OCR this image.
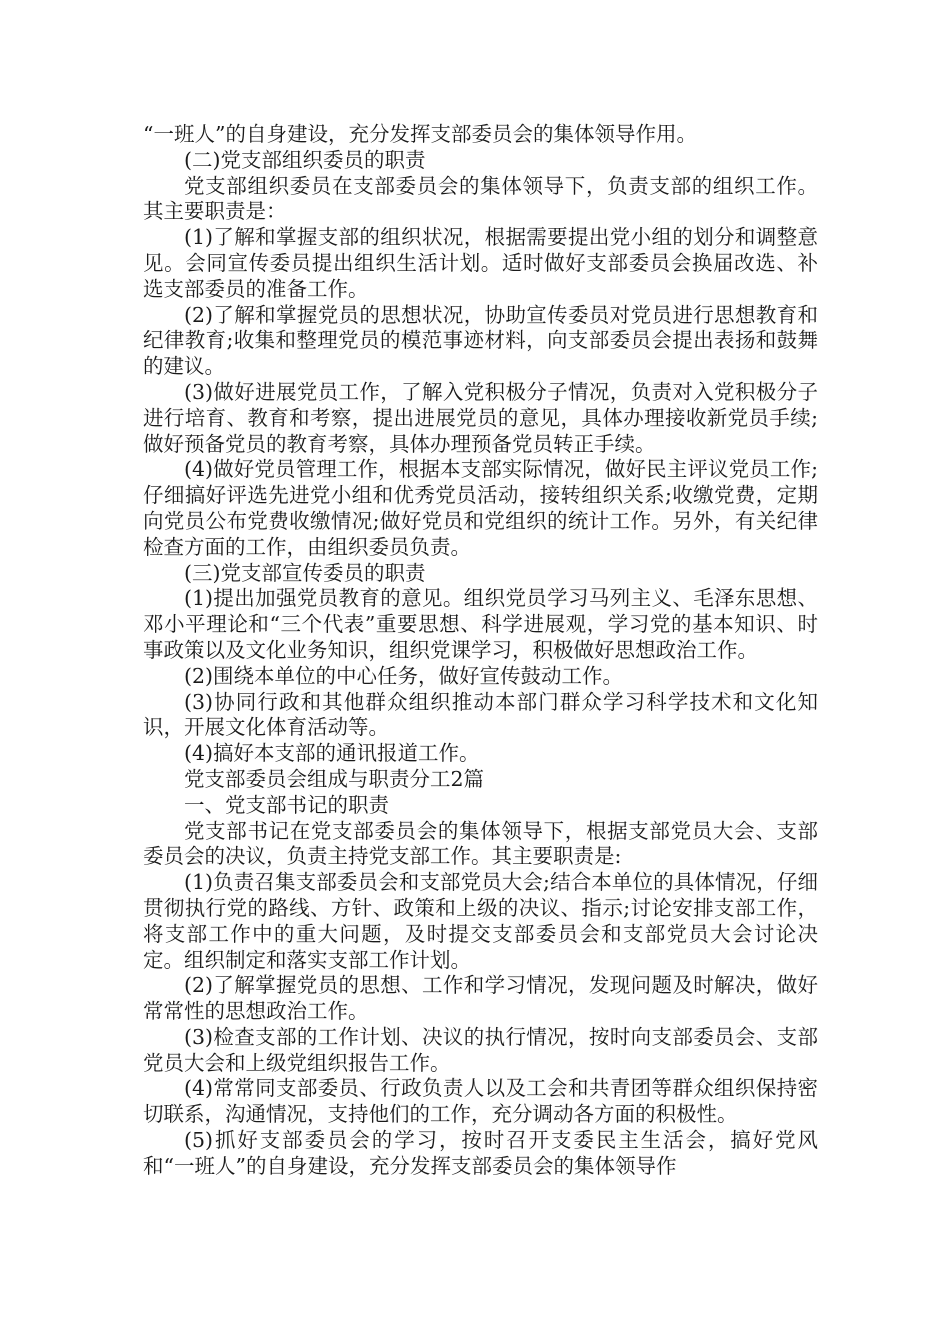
“一班人”的自身建设，充分发挥支部委员会的集体领导作用。

(二)党支部组织委员的职责

党支部组织委员在支部委员会的集体领导下，负责支部的组织工作。其主要职责是：

(1)了解和掌握支部的组织状况，根据需要提出党小组的划分和调整意见。会同宣传委员提出组织生活计划。适时做好支部委员会换届改选、补选支部委员的准备工作。

(2)了解和掌握党员的思想状况，协助宣传委员对党员进行思想教育和纪律教育;收集和整理党员的模范事迹材料，向支部委员会提出表扬和鼓舞的建议。

(3)做好进展党员工作，了解入党积极分子情况，负责对入党积极分子进行培育、教育和考察，提出进展党员的意见，具体办理接收新党员手续;做好预备党员的教育考察，具体办理预备党员转正手续。

(4)做好党员管理工作，根据本支部实际情况，做好民主评议党员工作;仔细搞好评选先进党小组和优秀党员活动，接转组织关系;收缴党费，定期向党员公布党费收缴情况;做好党员和党组织的统计工作。另外，有关纪律检查方面的工作，由组织委员负责。

(三)党支部宣传委员的职责

(1)提出加强党员教育的意见。组织党员学习马列主义、毛泽东思想、邓小平理论和“三个代表”重要思想、科学进展观，学习党的基本知识、时事政策以及文化业务知识，组织党课学习，积极做好思想政治工作。

(2)围绕本单位的中心任务，做好宣传鼓动工作。

(3)协同行政和其他群众组织推动本部门群众学习科学技术和文化知识，开展文化体育活动等。

(4)搞好本支部的通讯报道工作。

党支部委员会组成与职责分工2篇

一、党支部书记的职责

党支部书记在党支部委员会的集体领导下，根据支部党员大会、支部委员会的决议，负责主持党支部工作。其主要职责是:

(1)负责召集支部委员会和支部党员大会;结合本单位的具体情况，仔细贯彻执行党的路线、方针、政策和上级的决议、指示;讨论安排支部工作，将支部工作中的重大问题，及时提交支部委员会和支部党员大会讨论决定。组织制定和落实支部工作计划。

(2)了解掌握党员的思想、工作和学习情况，发现问题及时解决，做好常常性的思想政治工作。

(3)检查支部的工作计划、决议的执行情况，按时向支部委员会、支部党员大会和上级党组织报告工作。

(4)常常同支部委员、行政负责人以及工会和共青团等群众组织保持密切联系，沟通情况，支持他们的工作，充分调动各方面的积极性。

(5)抓好支部委员会的学习，按时召开支委民主生活会，搞好党风和“一班人”的自身建设，充分发挥支部委员会的集体领导作
